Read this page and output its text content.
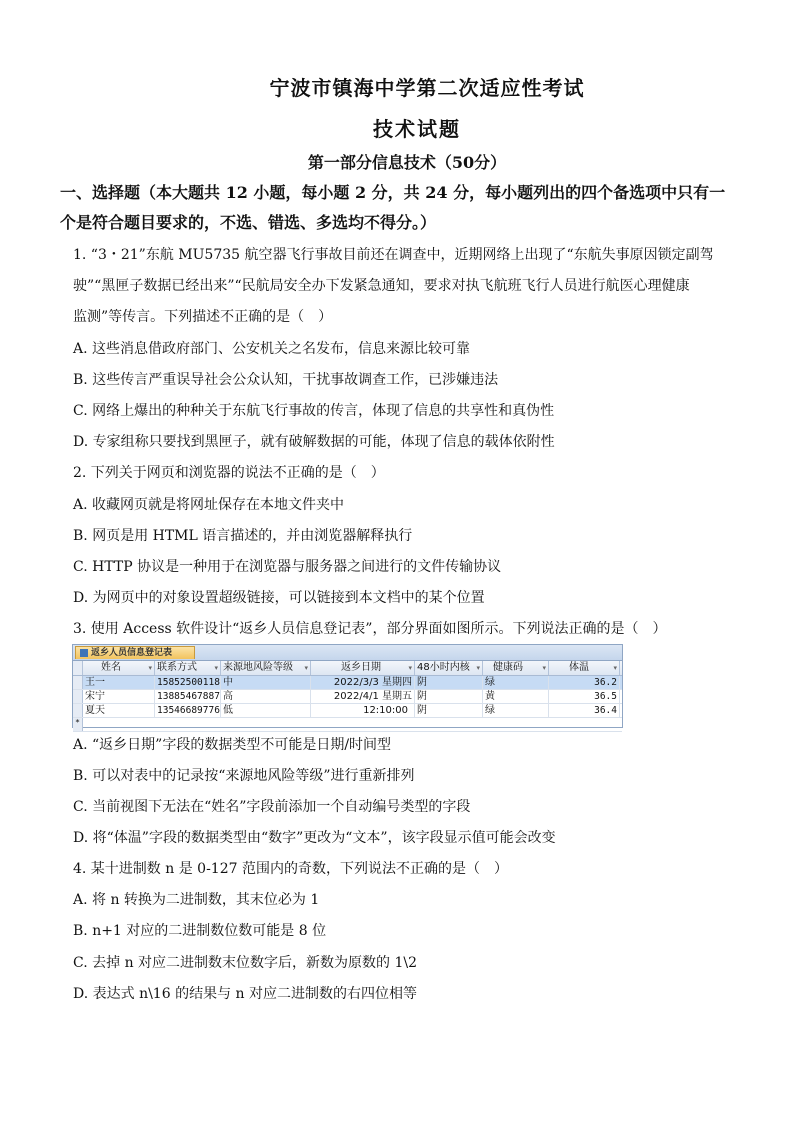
宁波市镇海中学第二次适应性考试
技术试题
第一部分信息技术（50分）
一、选择题（本大题共 12 小题，每小题 2 分，共 24 分，每小题列出的四个备选项中只有一
个是符合题目要求的，不选、错选、多选均不得分。）
1. “3・21”东航 MU5735 航空器飞行事故目前还在调查中，近期网络上出现了“东航失事原因锁定副驾
驶”“黑匣子数据已经出来”“民航局安全办下发紧急通知，要求对执飞航班飞行人员进行航医心理健康
监测”等传言。下列描述不正确的是（　）
A. 这些消息借政府部门、公安机关之名发布，信息来源比较可靠
B. 这些传言严重误导社会公众认知，干扰事故调查工作，已涉嫌违法
C. 网络上爆出的种种关于东航飞行事故的传言，体现了信息的共享性和真伪性
D. 专家组称只要找到黑匣子，就有破解数据的可能，体现了信息的载体依附性
2. 下列关于网页和浏览器的说法不正确的是（　）
A. 收藏网页就是将网址保存在本地文件夹中
B. 网页是用 HTML 语言描述的，并由浏览器解释执行
C. HTTP 协议是一种用于在浏览器与服务器之间进行的文件传输协议
D. 为网页中的对象设置超级链接，可以链接到本文档中的某个位置
3. 使用 Access 软件设计“返乡人员信息登记表”，部分界面如图所示。下列说法正确的是（　）
返乡人员信息登记表
姓名	▾ 联系方式 ▾ 来源地风险等级 ▾	返乡日期	▾ 48小时内核 ▾	健康码	▾	体温	▾
王一	15852500118 中	2022/3/3 星期四 阴	绿	36.2
宋宁	13885467887 高	2022/4/1 星期五 阴	黄	36.5
夏天	13546689776 低	12:10:00 阴	绿	36.4
*
A. “返乡日期”字段的数据类型不可能是日期/时间型
B. 可以对表中的记录按“来源地风险等级”进行重新排列
C. 当前视图下无法在“姓名”字段前添加一个自动编号类型的字段
D. 将“体温”字段的数据类型由“数字”更改为“文本”，该字段显示值可能会改变
4. 某十进制数 n 是 0-127 范围内的奇数，下列说法不正确的是（　）
A. 将 n 转换为二进制数，其末位必为 1
B. n+1 对应的二进制数位数可能是 8 位
C. 去掉 n 对应二进制数末位数字后，新数为原数的 1\2
D. 表达式 n\16 的结果与 n 对应二进制数的右四位相等
